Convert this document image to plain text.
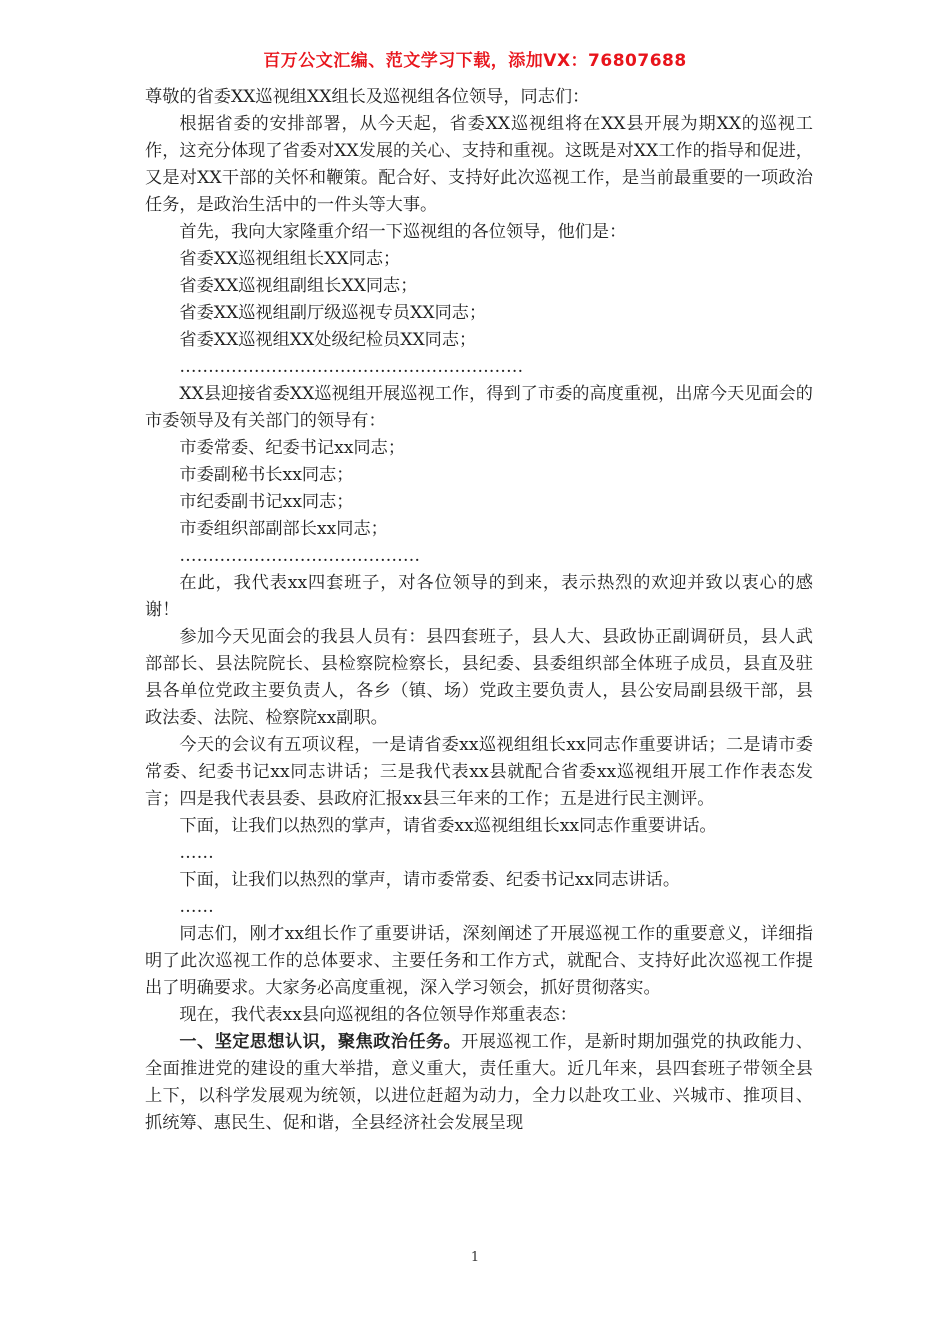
百万公文汇编、范文学习下载，添加VX：76807688

尊敬的省委XX巡视组XX组长及巡视组各位领导，同志们：

根据省委的安排部署，从今天起，省委XX巡视组将在XX县开展为期XX的巡视工作，这充分体现了省委对XX发展的关心、支持和重视。这既是对XX工作的指导和促进，又是对XX干部的关怀和鞭策。配合好、支持好此次巡视工作，是当前最重要的一项政治任务，是政治生活中的一件头等大事。

首先，我向大家隆重介绍一下巡视组的各位领导，他们是：

省委XX巡视组组长XX同志；

省委XX巡视组副组长XX同志；

省委XX巡视组副厅级巡视专员XX同志；

省委XX巡视组XX处级纪检员XX同志；

……………………………………………………

XX县迎接省委XX巡视组开展巡视工作，得到了市委的高度重视，出席今天见面会的市委领导及有关部门的领导有：

市委常委、纪委书记xx同志；

市委副秘书长xx同志；

市纪委副书记xx同志；

市委组织部副部长xx同志；

……………………………………

在此，我代表xx四套班子，对各位领导的到来，表示热烈的欢迎并致以衷心的感谢！

参加今天见面会的我县人员有：县四套班子，县人大、县政协正副调研员，县人武部部长、县法院院长、县检察院检察长，县纪委、县委组织部全体班子成员，县直及驻县各单位党政主要负责人，各乡（镇、场）党政主要负责人，县公安局副县级干部，县政法委、法院、检察院xx副职。

今天的会议有五项议程，一是请省委xx巡视组组长xx同志作重要讲话；二是请市委常委、纪委书记xx同志讲话；三是我代表xx县就配合省委xx巡视组开展工作作表态发言；四是我代表县委、县政府汇报xx县三年来的工作；五是进行民主测评。

下面，让我们以热烈的掌声，请省委xx巡视组组长xx同志作重要讲话。

……

下面，让我们以热烈的掌声，请市委常委、纪委书记xx同志讲话。

……

同志们，刚才xx组长作了重要讲话，深刻阐述了开展巡视工作的重要意义，详细指明了此次巡视工作的总体要求、主要任务和工作方式，就配合、支持好此次巡视工作提出了明确要求。大家务必高度重视，深入学习领会，抓好贯彻落实。

现在，我代表xx县向巡视组的各位领导作郑重表态：

一、坚定思想认识，聚焦政治任务。开展巡视工作，是新时期加强党的执政能力、全面推进党的建设的重大举措，意义重大，责任重大。近几年来，县四套班子带领全县上下，以科学发展观为统领，以进位赶超为动力，全力以赴攻工业、兴城市、推项目、抓统筹、惠民生、促和谐，全县经济社会发展呈现

1
